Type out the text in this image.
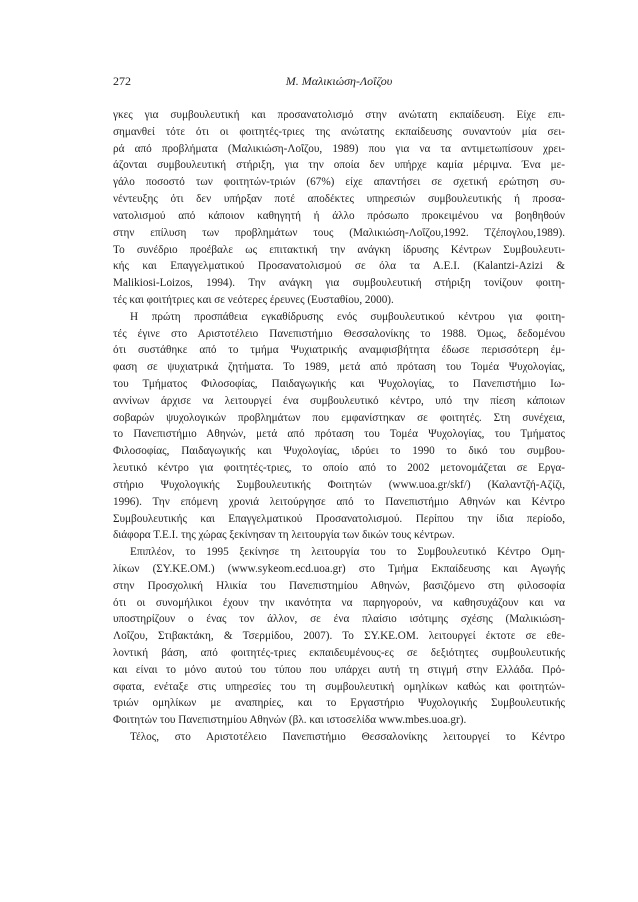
272	Μ. Μαλικιώση-Λοΐζου
γκες για συμβουλευτική και προσανατολισμό στην ανώτατη εκπαίδευση. Είχε επι-
σημανθεί τότε ότι οι φοιτητές-τριες της ανώτατης εκπαίδευσης συναντούν μία σει-
ρά από προβλήματα (Μαλικιώση-Λοΐζου, 1989) που για να τα αντιμετωπίσουν χρει-
άζονται συμβουλευτική στήριξη, για την οποία δεν υπήρχε καμία μέριμνα. Ένα με-
γάλο ποσοστό των φοιτητών-τριών (67%) είχε απαντήσει σε σχετική ερώτηση συ-
νέντευξης ότι δεν υπήρξαν ποτέ αποδέκτες υπηρεσιών συμβουλευτικής ή προσα-
νατολισμού από κάποιον καθηγητή ή άλλο πρόσωπο προκειμένου να βοηθηθούν
στην επίλυση των προβλημάτων τους (Μαλικιώση-Λοΐζου,1992. Τζέπογλου,1989).
Το συνέδριο προέβαλε ως επιτακτική την ανάγκη ίδρυσης Κέντρων Συμβουλευτι-
κής και Επαγγελματικού Προσανατολισμού σε όλα τα Α.Ε.Ι. (Kalantzi-Azizi &
Malikiosi-Loizos, 1994). Την ανάγκη για συμβουλευτική στήριξη τονίζουν φοιτη-
τές και φοιτήτριες και σε νεότερες έρευνες (Ευσταθίου, 2000).
Η πρώτη προσπάθεια εγκαθίδρυσης ενός συμβουλευτικού κέντρου για φοιτη-
τές έγινε στο Αριστοτέλειο Πανεπιστήμιο Θεσσαλονίκης το 1988. Όμως, δεδομένου
ότι συστάθηκε από το τμήμα Ψυχιατρικής αναμφισβήτητα έδωσε περισσότερη έμ-
φαση σε ψυχιατρικά ζητήματα. Το 1989, μετά από πρόταση του Τομέα Ψυχολογίας,
του Τμήματος Φιλοσοφίας, Παιδαγωγικής και Ψυχολογίας, το Πανεπιστήμιο Ιω-
αννίνων άρχισε να λειτουργεί ένα συμβουλευτικό κέντρο, υπό την πίεση κάποιων
σοβαρών ψυχολογικών προβλημάτων που εμφανίστηκαν σε φοιτητές. Στη συνέχεια,
το Πανεπιστήμιο Αθηνών, μετά από πρόταση του Τομέα Ψυχολογίας, του Τμήματος
Φιλοσοφίας, Παιδαγωγικής και Ψυχολογίας, ιδρύει το 1990 το δικό του συμβου-
λευτικό κέντρο για φοιτητές-τριες, το οποίο από το 2002 μετονομάζεται σε Εργα-
στήριο Ψυχολογικής Συμβουλευτικής Φοιτητών (www.uoa.gr/skf/) (Καλαντζή-Αζίζι,
1996). Την επόμενη χρονιά λειτούργησε από το Πανεπιστήμιο Αθηνών και Κέντρο
Συμβουλευτικής και Επαγγελματικού Προσανατολισμού. Περίπου την ίδια περίοδο,
διάφορα Τ.Ε.Ι. της χώρας ξεκίνησαν τη λειτουργία των δικών τους κέντρων.
Επιπλέον, το 1995 ξεκίνησε τη λειτουργία του το Συμβουλευτικό Κέντρο Ομη-
λίκων (ΣΥ.ΚΕ.ΟΜ.) (www.sykeom.ecd.uoa.gr) στο Τμήμα Εκπαίδευσης και Αγωγής
στην Προσχολική Ηλικία του Πανεπιστημίου Αθηνών, βασιζόμενο στη φιλοσοφία
ότι οι συνομήλικοι έχουν την ικανότητα να παρηγορούν, να καθησυχάζουν και να
υποστηρίζουν ο ένας τον άλλον, σε ένα πλαίσιο ισότιμης σχέσης (Μαλικιώση-
Λοΐζου, Στιβακτάκη, & Τσερμίδου, 2007). Το ΣΥ.ΚΕ.ΟΜ. λειτουργεί έκτοτε σε εθε-
λοντική βάση, από φοιτητές-τριες εκπαιδευμένους-ες σε δεξιότητες συμβουλευτικής
και είναι το μόνο αυτού του τύπου που υπάρχει αυτή τη στιγμή στην Ελλάδα. Πρό-
σφατα, ενέταξε στις υπηρεσίες του τη συμβουλευτική ομηλίκων καθώς και φοιτητών-
τριών ομηλίκων με αναπηρίες, και το Εργαστήριο Ψυχολογικής Συμβουλευτικής
Φοιτητών του Πανεπιστημίου Αθηνών (βλ. και ιστοσελίδα www.mbes.uoa.gr).
Τέλος, στο Αριστοτέλειο Πανεπιστήμιο Θεσσαλονίκης λειτουργεί το Κέντρο
